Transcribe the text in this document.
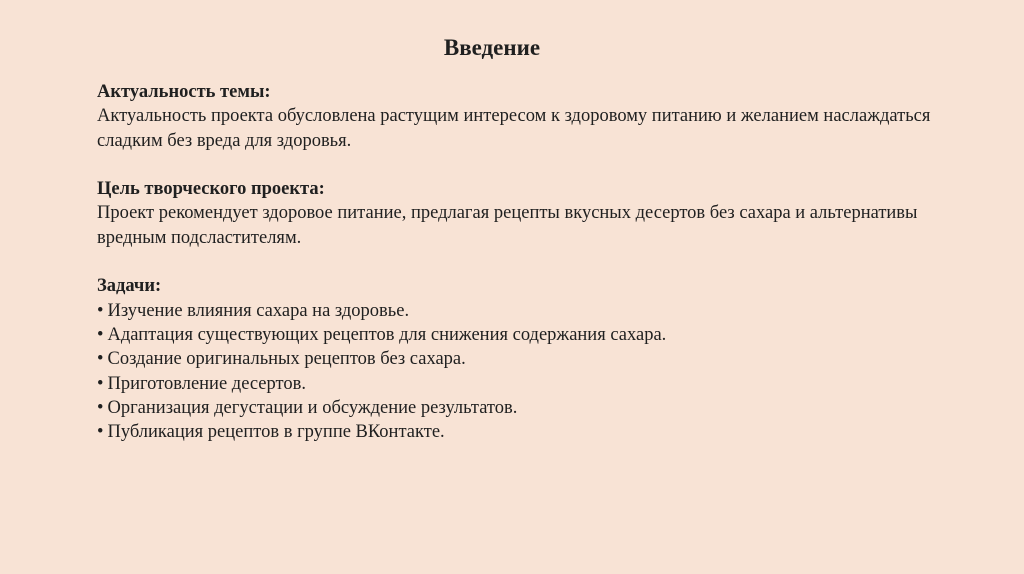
Введение

Актуальность темы:

Актуальность проекта обусловлена растущим интересом к здоровому питанию и желанием наслаждаться сладким без вреда для здоровья.

Цель творческого проекта:

Проект рекомендует здоровое питание, предлагая рецепты вкусных десертов без сахара и альтернативы вредным подсластителям.

Задачи:

• Изучение влияния сахара на здоровье.
• Адаптация существующих рецептов для снижения содержания сахара.
• Создание оригинальных рецептов без сахара.
• Приготовление десертов.
• Организация дегустации и обсуждение результатов.
• Публикация рецептов в группе ВКонтакте.
